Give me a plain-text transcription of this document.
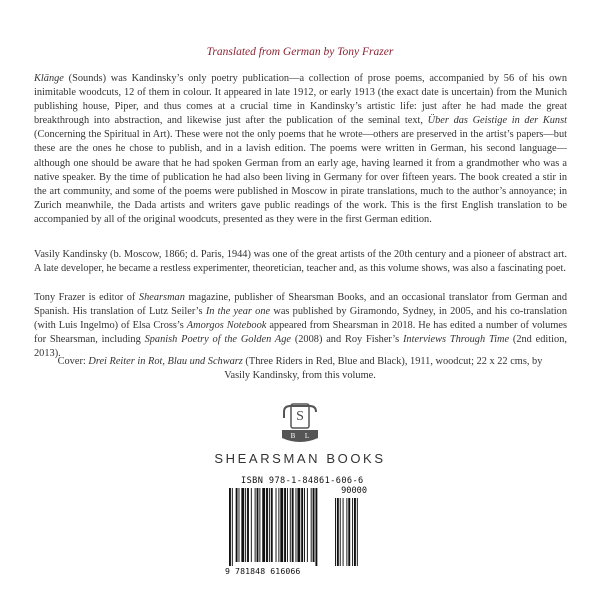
Translated from German by Tony Frazer

Klänge (Sounds) was Kandinsky’s only poetry publication—a collection of prose poems, accompanied by 56 of his own inimitable woodcuts, 12 of them in colour. It appeared in late 1912, or early 1913 (the exact date is uncertain) from the Munich publishing house, Piper, and thus comes at a crucial time in Kandinsky’s artistic life: just after he had made the great breakthrough into abstraction, and likewise just after the publication of the seminal text, Über das Geistige in der Kunst (Concerning the Spiritual in Art). These were not the only poems that he wrote—others are preserved in the artist’s papers—but these are the ones he chose to publish, and in a lavish edition. The poems were written in German, his second language—although one should be aware that he had spoken German from an early age, having learned it from a grandmother who was a native speaker. By the time of publication he had also been living in Germany for over fifteen years. The book created a stir in the art community, and some of the poems were published in Moscow in pirate translations, much to the author’s annoyance; in Zurich meanwhile, the Dada artists and writers gave public readings of the work. This is the first English translation to be accompanied by all of the original woodcuts, presented as they were in the first German edition.

Vasily Kandinsky (b. Moscow, 1866; d. Paris, 1944) was one of the great artists of the 20th century and a pioneer of abstract art. A late developer, he became a restless experimenter, theoretician, teacher and, as this volume shows, was also a fascinating poet.

Tony Frazer is editor of Shearsman magazine, publisher of Shearsman Books, and an occasional translator from German and Spanish. His translation of Lutz Seiler’s In the year one was published by Giramondo, Sydney, in 2005, and his co-translation (with Luis Ingelmo) of Elsa Cross’s Amorgos Notebook appeared from Shearsman in 2018. He has edited a number of volumes for Shearsman, including Spanish Poetry of the Golden Age (2008) and Roy Fisher’s Interviews Through Time (2nd edition, 2013).

Cover: Drei Reiter in Rot, Blau und Schwarz (Three Riders in Red, Blue and Black), 1911, woodcut; 22 x 22 cms, by Vasily Kandinsky, from this volume.
S
B L
SHEARSMAN BOOKS
ISBN 978-1-84861-606-6
90000
9 781848 616066
